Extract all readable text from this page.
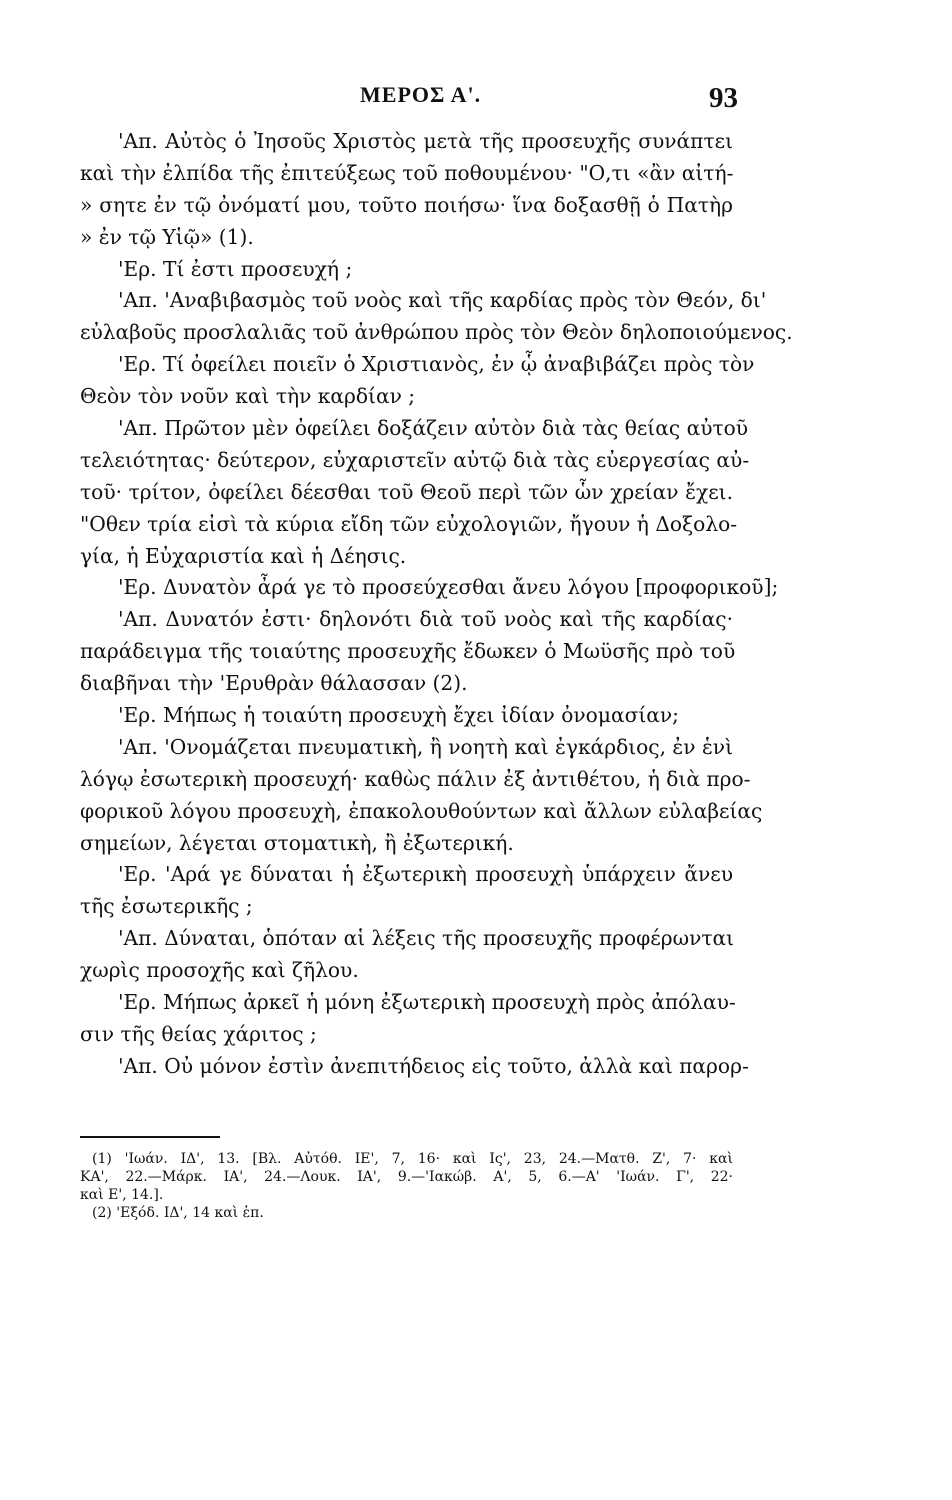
ΜΕΡΟΣ Α'.	93
'Απ. Αὐτὸς ὁ Ἰησοῦς Χριστὸς μετὰ τῆς προσευχῆς συνάπτει
καὶ τὴν ἐλπίδα τῆς ἐπιτεύξεως τοῦ ποθουμένου· "Ο,τι «ἂν αἰτή-
» σητε ἐν τῷ ὀνόματί μου, τοῦτο ποιήσω· ἵνα δοξασθῇ ὁ Πατὴρ
» ἐν τῷ Υἱῷ» (1).
'Ερ. Τί ἐστι προσευχή ;
'Απ. 'Αναβιβασμὸς τοῦ νοὸς καὶ τῆς καρδίας πρὸς τὸν Θεόν, δι'
εὐλαβοῦς προσλαλιᾶς τοῦ ἀνθρώπου πρὸς τὸν Θεὸν δηλοποιούμενος.
'Ερ. Τί ὀφείλει ποιεῖν ὁ Χριστιανὸς, ἐν ᾧ ἀναβιβάζει πρὸς τὸν
Θεὸν τὸν νοῦν καὶ τὴν καρδίαν ;
'Απ. Πρῶτον μὲν ὀφείλει δοξάζειν αὐτὸν διὰ τὰς θείας αὐτοῦ
τελειότητας· δεύτερον, εὐχαριστεῖν αὐτῷ διὰ τὰς εὐεργεσίας αὐ-
τοῦ· τρίτον, ὀφείλει δέεσθαι τοῦ Θεοῦ περὶ τῶν ὧν χρείαν ἔχει.
"Οθεν τρία εἰσὶ τὰ κύρια εἴδη τῶν εὐχολογιῶν, ἤγουν ἡ Δοξολο-
γία, ἡ Εὐχαριστία καὶ ἡ Δέησις.
'Ερ. Δυνατὸν ἆρά γε τὸ προσεύχεσθαι ἄνευ λόγου [προφορικοῦ];
'Απ. Δυνατόν ἐστι· δηλονότι διὰ τοῦ νοὸς καὶ τῆς καρδίας·
παράδειγμα τῆς τοιαύτης προσευχῆς ἔδωκεν ὁ Μωϋσῆς πρὸ τοῦ
διαβῆναι τὴν 'Ερυθρὰν θάλασσαν (2).
'Ερ. Μήπως ἡ τοιαύτη προσευχὴ ἔχει ἰδίαν ὀνομασίαν;
'Απ. 'Ονομάζεται πνευματικὴ, ἢ νοητὴ καὶ ἐγκάρδιος, ἐν ἑνὶ
λόγῳ ἐσωτερικὴ προσευχή· καθὼς πάλιν ἐξ ἀντιθέτου, ἡ διὰ προ-
φορικοῦ λόγου προσευχὴ, ἐπακολουθούντων καὶ ἄλλων εὐλαβείας
σημείων, λέγεται στοματικὴ, ἢ ἐξωτερική.
'Ερ. 'Αρά γε δύναται ἡ ἐξωτερικὴ προσευχὴ ὑπάρχειν ἄνευ
τῆς ἐσωτερικῆς ;
'Απ. Δύναται, ὁπόταν αἱ λέξεις τῆς προσευχῆς προφέρωνται
χωρὶς προσοχῆς καὶ ζῆλου.
'Ερ. Μήπως ἀρκεῖ ἡ μόνη ἐξωτερικὴ προσευχὴ πρὸς ἀπόλαυ-
σιν τῆς θείας χάριτος ;
'Απ. Οὐ μόνον ἐστὶν ἀνεπιτήδειος εἰς τοῦτο, ἀλλὰ καὶ παρορ-
(1) 'Ιωάν. ΙΔ', 13. [Βλ. Αὐτόθ. ΙΕ', 7, 16· καὶ Ις', 23, 24.—Ματθ. Ζ', 7· καὶ
ΚΑ', 22.—Μάρκ. ΙΑ', 24.—Λουκ. ΙΑ', 9.—'Ιακώβ. Α', 5, 6.—Α' 'Ιωάν. Γ', 22·
καὶ Ε', 14.].
(2) 'Εξόδ. ΙΔ', 14 καὶ ἑπ.
